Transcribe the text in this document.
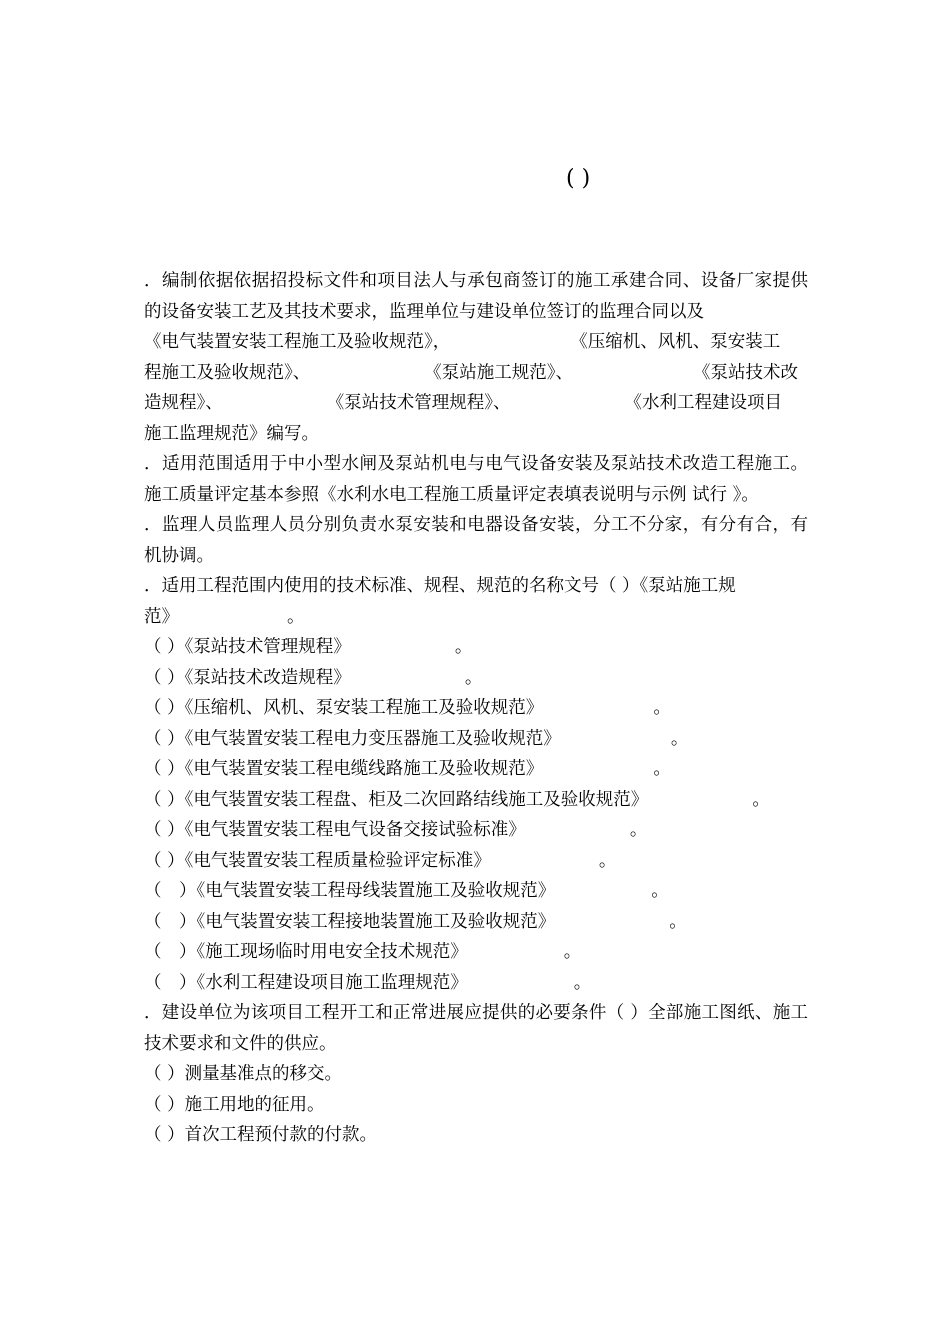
( )

．编制依据依据招投标文件和项目法人与承包商签订的施工承建合同、设备厂家提供的设备安装工艺及其技术要求，监理单位与建设单位签订的监理合同以及

《电气装置安装工程施工及验收规范》，	《压缩机、风机、泵安装工

程施工及验收规范》、	《泵站施工规范》、	《泵站技术改

造规程》、	《泵站技术管理规程》、	《水利工程建设项目

施工监理规范》编写。

．适用范围适用于中小型水闸及泵站机电与电气设备安装及泵站技术改造工程施工。施工质量评定基本参照《水利水电工程施工质量评定表填表说明与示例 试行 》。

．监理人员监理人员分别负责水泵安装和电器设备安装，分工不分家，有分有合，有机协调。

．适用工程范围内使用的技术标准、规程、规范的名称文号（ ）《泵站施工规

范》	。

（ ）《泵站技术管理规程》	。

（ ）《泵站技术改造规程》	。

（ ）《压缩机、风机、泵安装工程施工及验收规范》	。

（ ）《电气装置安装工程电力变压器施工及验收规范》	。

（ ）《电气装置安装工程电缆线路施工及验收规范》	。

（ ）《电气装置安装工程盘、柜及二次回路结线施工及验收规范》	。

（ ）《电气装置安装工程电气设备交接试验标准》	。

（ ）《电气装置安装工程质量检验评定标准》	。

（　）《电气装置安装工程母线装置施工及验收规范》	。

（　）《电气装置安装工程接地装置施工及验收规范》	。

（　）《施工现场临时用电安全技术规范》	。

（　）《水利工程建设项目施工监理规范》	。

．建设单位为该项目工程开工和正常进展应提供的必要条件（ ）全部施工图纸、施工技术要求和文件的供应。

（ ）测量基准点的移交。

（ ）施工用地的征用。

（ ）首次工程预付款的付款。
